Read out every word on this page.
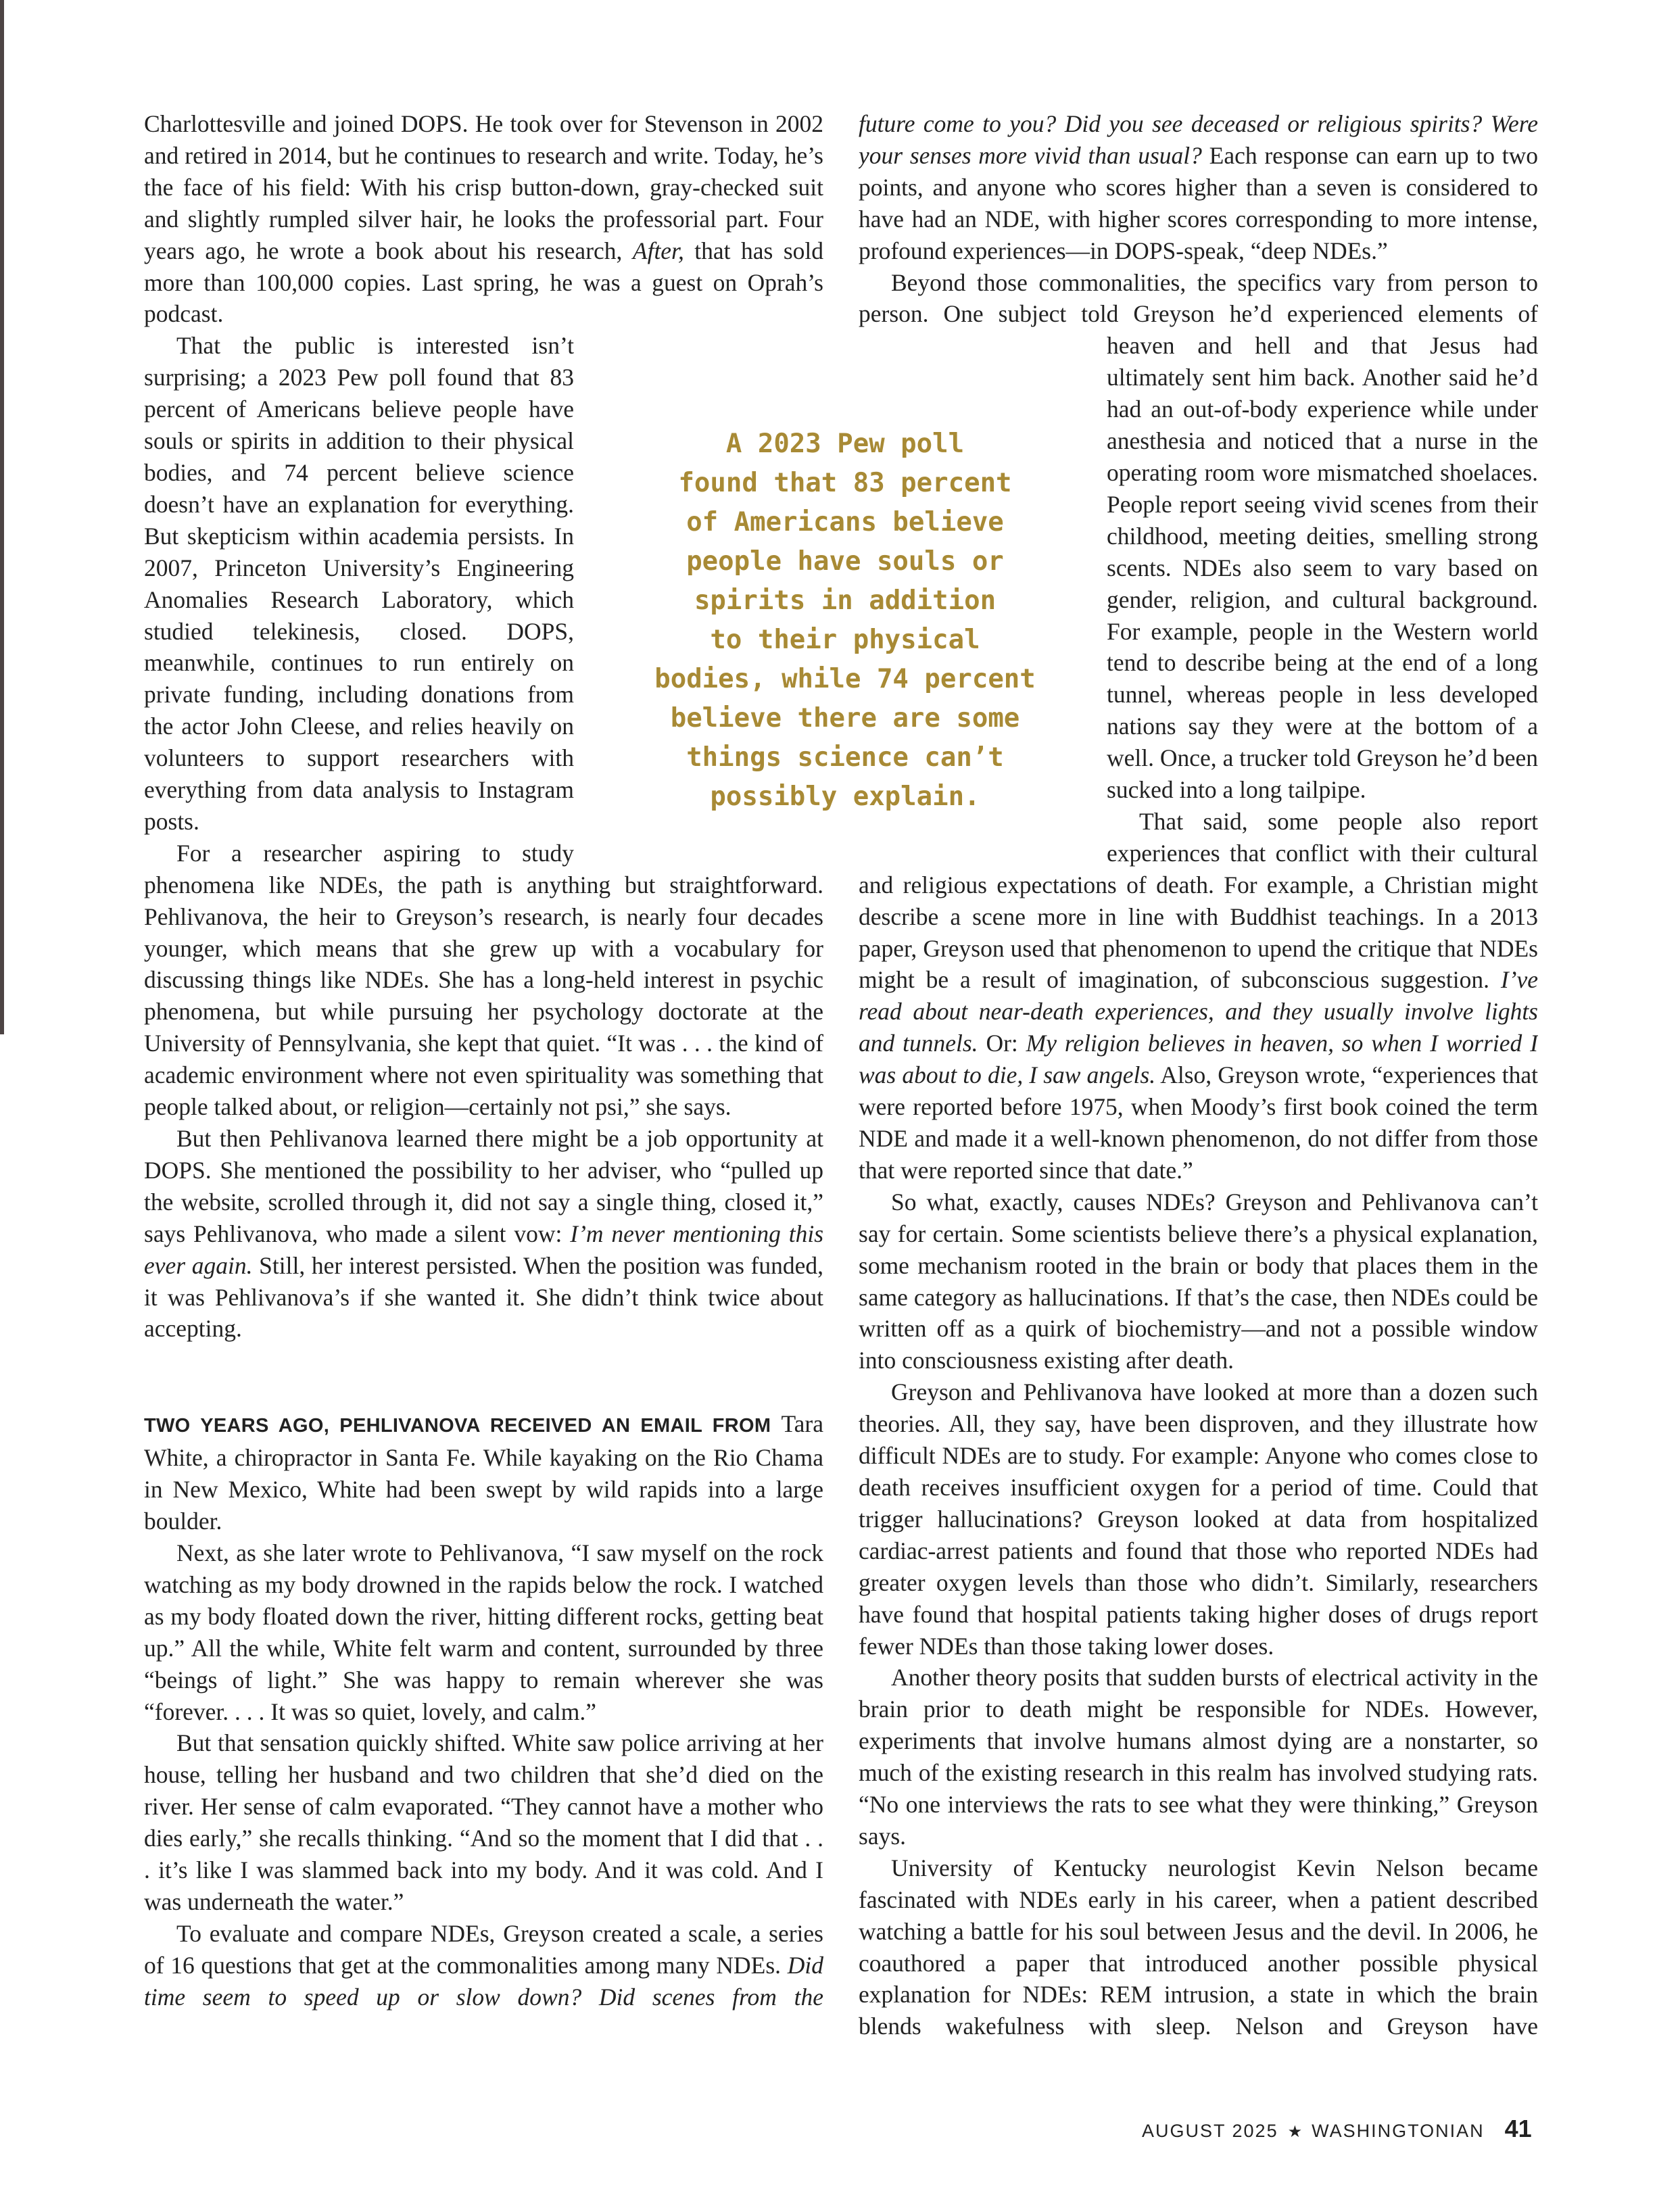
Charlottesville and joined DOPS. He took over for Stevenson in 2002 and retired in 2014, but he continues to research and write. Today, he’s the face of his field: With his crisp button-down, gray-checked suit and slightly rumpled silver hair, he looks the professorial part. Four years ago, he wrote a book about his research, After, that has sold more than 100,000 copies. Last spring, he was a guest on Oprah’s podcast.

That the public is interested isn’t surprising; a 2023 Pew poll found that 83 percent of Americans believe people have souls or spirits in addition to their physical bodies, and 74 percent believe science doesn’t have an explanation for everything. But skepticism within academia persists. In 2007, Princeton University’s Engineering Anomalies Research Laboratory, which studied telekinesis, closed. DOPS, meanwhile, continues to run entirely on private funding, including donations from the actor John Cleese, and relies heavily on volunteers to support researchers with everything from data analysis to Instagram posts.

For a researcher aspiring to study phenomena like NDEs, the path is anything but straightforward. Pehlivanova, the heir to Greyson’s research, is nearly four decades younger, which means that she grew up with a vocabulary for discussing things like NDEs. She has a long-held interest in psychic phenomena, but while pursuing her psychology doctorate at the University of Pennsylvania, she kept that quiet. “It was . . . the kind of academic environment where not even spirituality was something that people talked about, or religion—certainly not psi,” she says.

But then Pehlivanova learned there might be a job opportunity at DOPS. She mentioned the possibility to her adviser, who “pulled up the website, scrolled through it, did not say a single thing, closed it,” says Pehlivanova, who made a silent vow: I’m never mentioning this ever again. Still, her interest persisted. When the position was funded, it was Pehlivanova’s if she wanted it. She didn’t think twice about accepting.

TWO YEARS AGO, PEHLIVANOVA RECEIVED AN EMAIL FROM Tara White, a chiropractor in Santa Fe. While kayaking on the Rio Chama in New Mexico, White had been swept by wild rapids into a large boulder.

Next, as she later wrote to Pehlivanova, “I saw myself on the rock watching as my body drowned in the rapids below the rock. I watched as my body floated down the river, hitting different rocks, getting beat up.” All the while, White felt warm and content, surrounded by three “beings of light.” She was happy to remain wherever she was “forever. . . . It was so quiet, lovely, and calm.”

But that sensation quickly shifted. White saw police arriving at her house, telling her husband and two children that she’d died on the river. Her sense of calm evaporated. “They cannot have a mother who dies early,” she recalls thinking. “And so the moment that I did that . . . it’s like I was slammed back into my body. And it was cold. And I was underneath the water.”

To evaluate and compare NDEs, Greyson created a scale, a series of 16 questions that get at the commonalities among many NDEs. Did time seem to speed up or slow down? Did scenes from the

future come to you? Did you see deceased or religious spirits? Were your senses more vivid than usual? Each response can earn up to two points, and anyone who scores higher than a seven is considered to have had an NDE, with higher scores corresponding to more intense, profound experiences—in DOPS-speak, “deep NDEs.”

Beyond those commonalities, the specifics vary from person to person. One subject told Greyson he’d experienced elements of heaven and hell and that Jesus had ultimately sent him back. Another said he’d had an out-of-body experience while under anesthesia and noticed that a nurse in the operating room wore mismatched shoelaces. People report seeing vivid scenes from their childhood, meeting deities, smelling strong scents. NDEs also seem to vary based on gender, religion, and cultural background. For example, people in the Western world tend to describe being at the end of a long tunnel, whereas people in less developed nations say they were at the bottom of a well. Once, a trucker told Greyson he’d been sucked into a long tailpipe.

That said, some people also report experiences that conflict with their cultural and religious expectations of death. For example, a Christian might describe a scene more in line with Buddhist teachings. In a 2013 paper, Greyson used that phenomenon to upend the critique that NDEs might be a result of imagination, of subconscious suggestion. I’ve read about near-death experiences, and they usually involve lights and tunnels. Or: My religion believes in heaven, so when I worried I was about to die, I saw angels. Also, Greyson wrote, “experiences that were reported before 1975, when Moody’s first book coined the term NDE and made it a well-known phenomenon, do not differ from those that were reported since that date.”

So what, exactly, causes NDEs? Greyson and Pehlivanova can’t say for certain. Some scientists believe there’s a physical explanation, some mechanism rooted in the brain or body that places them in the same category as hallucinations. If that’s the case, then NDEs could be written off as a quirk of biochemistry—and not a possible window into consciousness existing after death.

Greyson and Pehlivanova have looked at more than a dozen such theories. All, they say, have been disproven, and they illustrate how difficult NDEs are to study. For example: Anyone who comes close to death receives insufficient oxygen for a period of time. Could that trigger hallucinations? Greyson looked at data from hospitalized cardiac-arrest patients and found that those who reported NDEs had greater oxygen levels than those who didn’t. Similarly, researchers have found that hospital patients taking higher doses of drugs report fewer NDEs than those taking lower doses.

Another theory posits that sudden bursts of electrical activity in the brain prior to death might be responsible for NDEs. However, experiments that involve humans almost dying are a nonstarter, so much of the existing research in this realm has involved studying rats. “No one interviews the rats to see what they were thinking,” Greyson says.

University of Kentucky neurologist Kevin Nelson became fascinated with NDEs early in his career, when a patient described watching a battle for his soul between Jesus and the devil. In 2006, he coauthored a paper that introduced another possible physical explanation for NDEs: REM intrusion, a state in which the brain blends wakefulness with sleep. Nelson and Greyson have

A 2023 Pew poll
found that 83 percent
of Americans believe
people have souls or
spirits in addition
to their physical
bodies, while 74 percent
believe there are some
things science can’t
possibly explain.
AUGUST 2025 ★ WASHINGTONIAN 41
